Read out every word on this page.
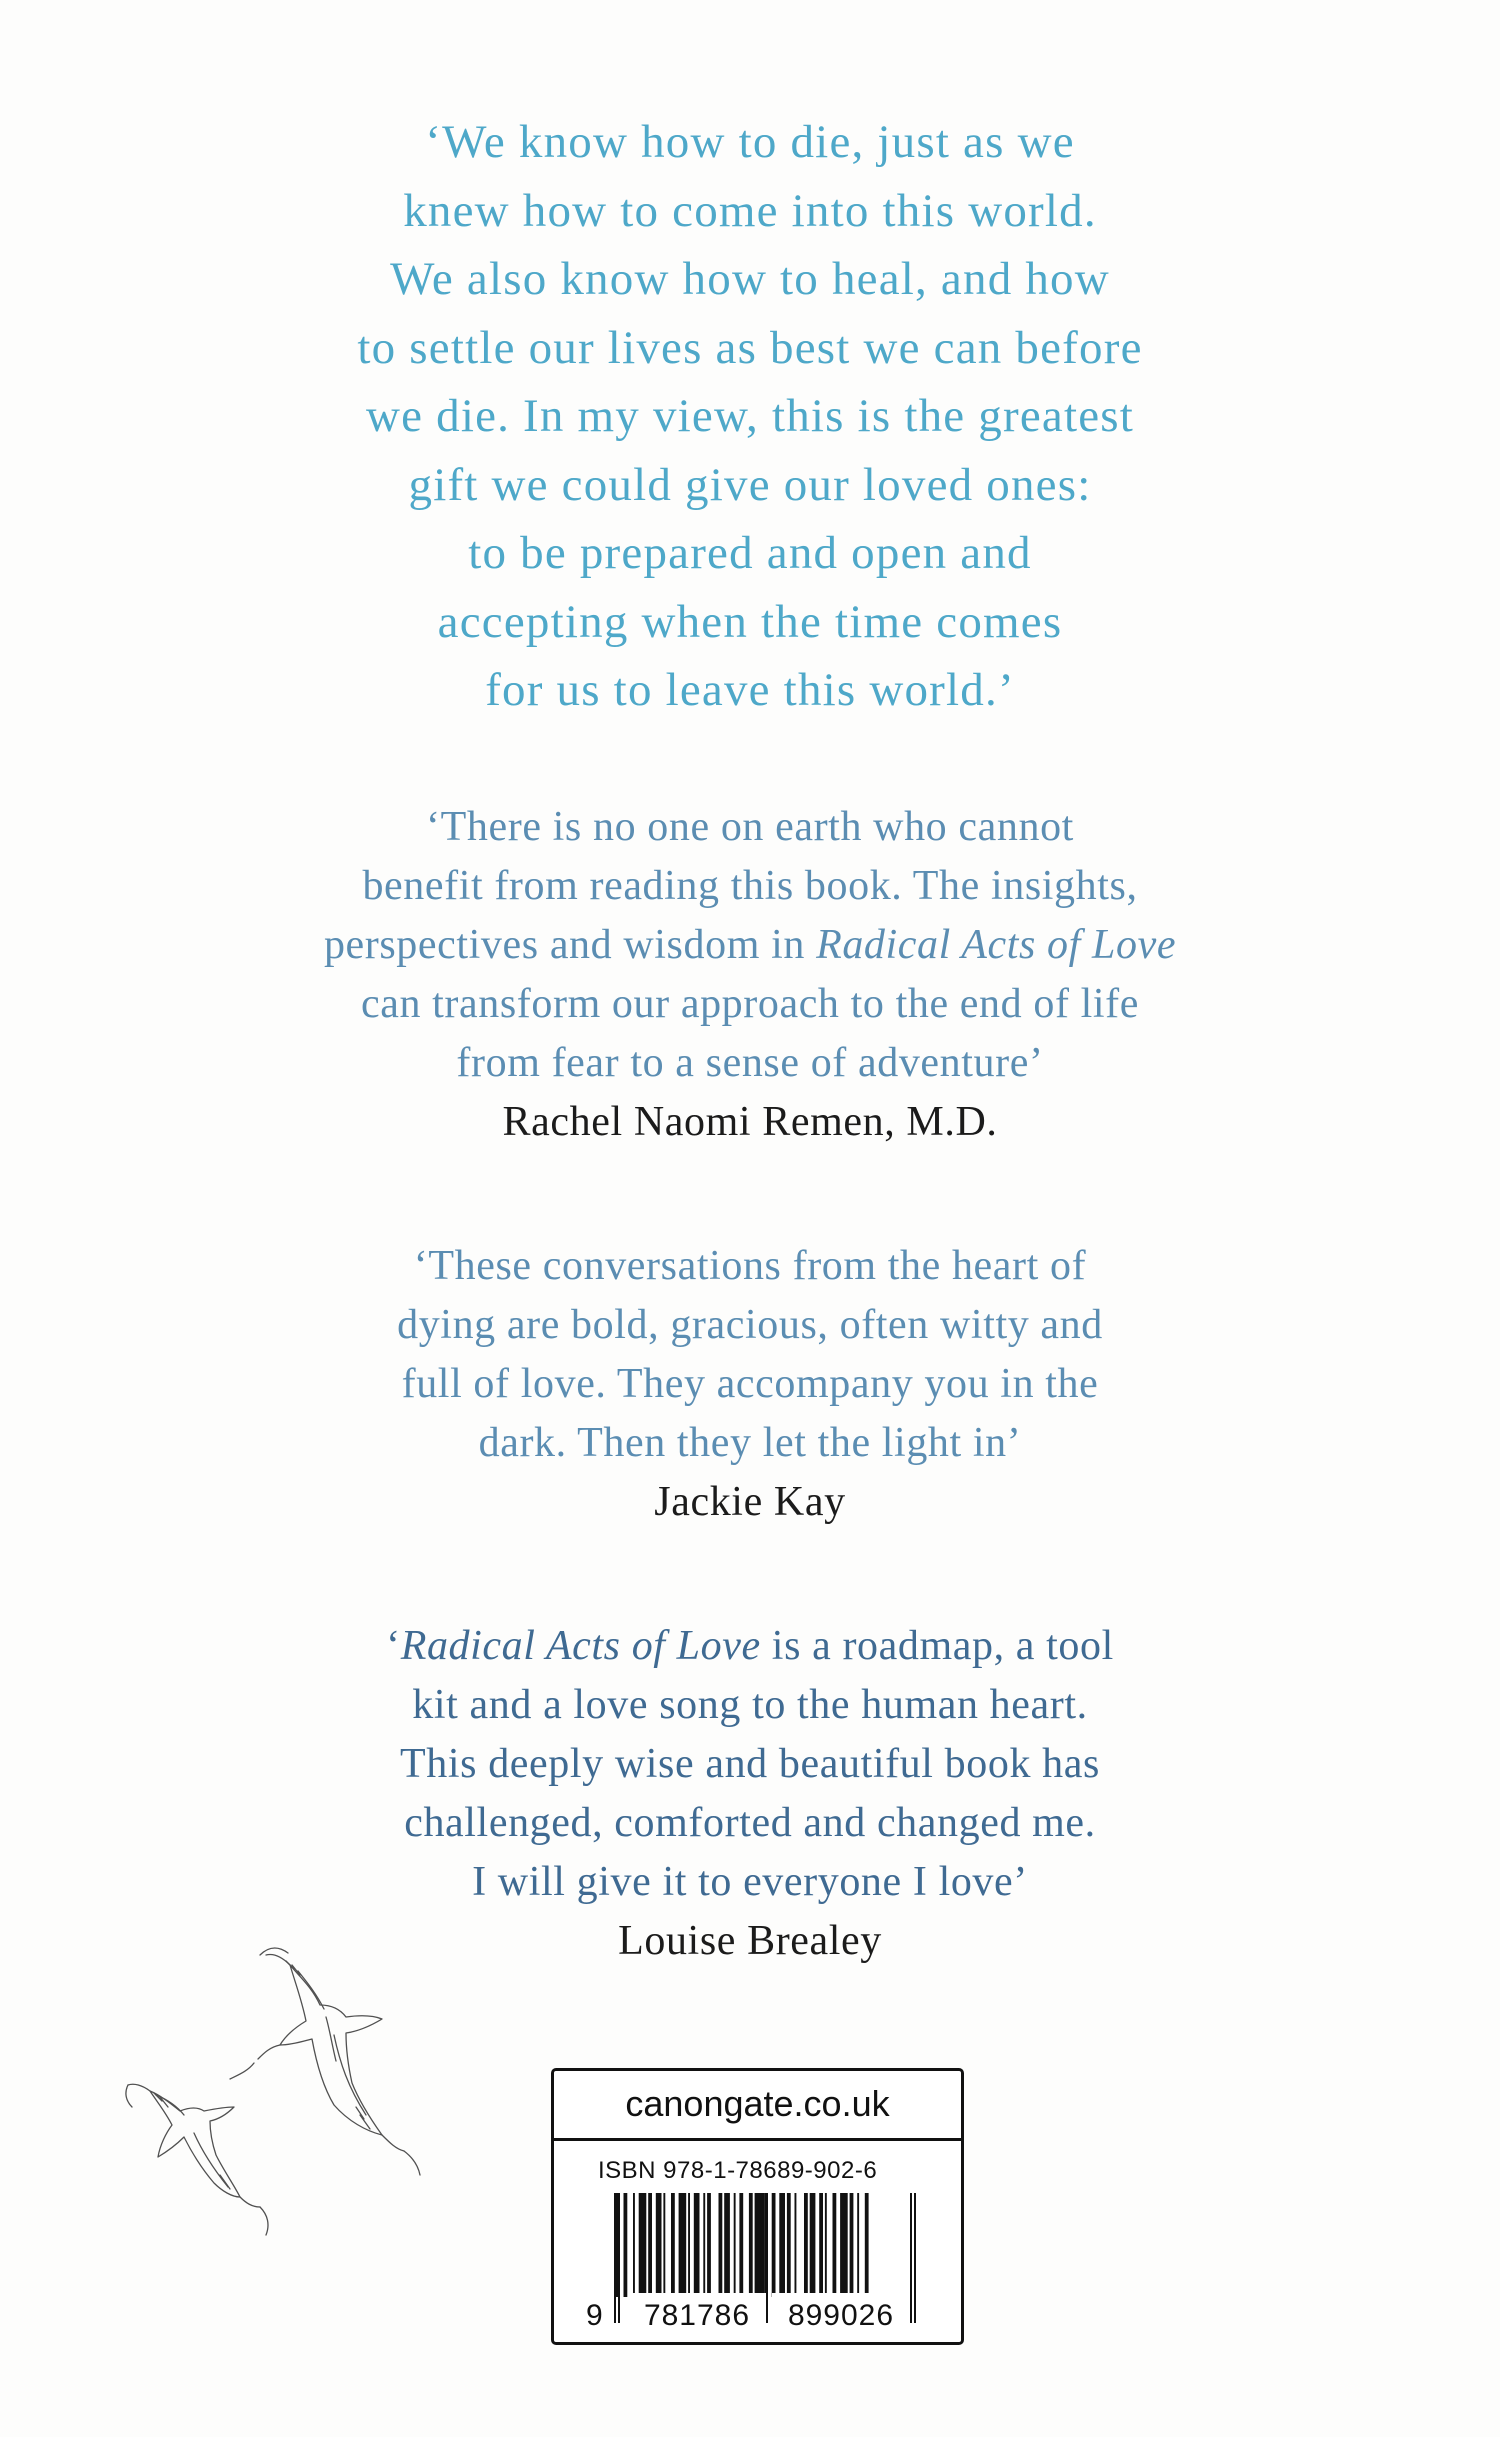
‘We know how to die, just as we
knew how to come into this world.
We also know how to heal, and how
to settle our lives as best we can before
we die. In my view, this is the greatest
gift we could give our loved ones:
to be prepared and open and
accepting when the time comes
for us to leave this world.’
‘There is no one on earth who cannot
benefit from reading this book. The insights,
perspectives and wisdom in Radical Acts of Love
can transform our approach to the end of life
from fear to a sense of adventure’
Rachel Naomi Remen, M.D.
‘These conversations from the heart of
dying are bold, gracious, often witty and
full of love. They accompany you in the
dark. Then they let the light in’
Jackie Kay
‘Radical Acts of Love is a roadmap, a tool
kit and a love song to the human heart.
This deeply wise and beautiful book has
challenged, comforted and changed me.
I will give it to everyone I love’
Louise Brealey
canongate.co.uk
ISBN 978-1-78689-902-6
9 781786 899026
